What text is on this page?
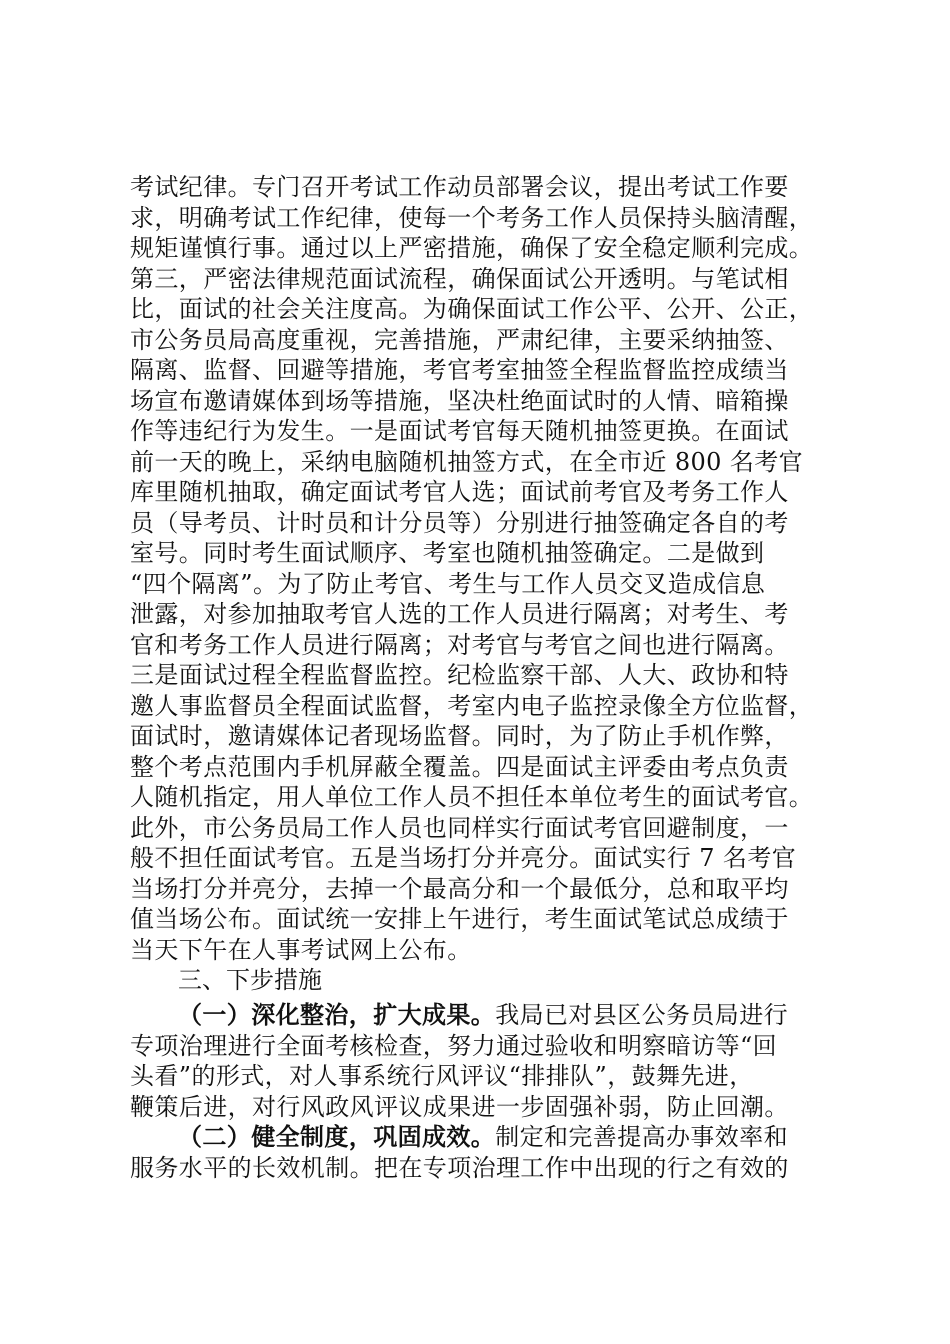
考试纪律。专门召开考试工作动员部署会议，提出考试工作要
求，明确考试工作纪律，使每一个考务工作人员保持头脑清醒，
规矩谨慎行事。通过以上严密措施，确保了安全稳定顺利完成。
第三，严密法律规范面试流程，确保面试公开透明。与笔试相
比，面试的社会关注度高。为确保面试工作公平、公开、公正，
市公务员局高度重视，完善措施，严肃纪律，主要采纳抽签、
隔离、监督、回避等措施，考官考室抽签全程监督监控成绩当
场宣布邀请媒体到场等措施，坚决杜绝面试时的人情、暗箱操
作等违纪行为发生。一是面试考官每天随机抽签更换。在面试
前一天的晚上，采纳电脑随机抽签方式，在全市近 800 名考官
库里随机抽取，确定面试考官人选；面试前考官及考务工作人
员（导考员、计时员和计分员等）分别进行抽签确定各自的考
室号。同时考生面试顺序、考室也随机抽签确定。二是做到
“四个隔离”。为了防止考官、考生与工作人员交叉造成信息
泄露，对参加抽取考官人选的工作人员进行隔离；对考生、考
官和考务工作人员进行隔离；对考官与考官之间也进行隔离。
三是面试过程全程监督监控。纪检监察干部、人大、政协和特
邀人事监督员全程面试监督，考室内电子监控录像全方位监督，
面试时，邀请媒体记者现场监督。同时，为了防止手机作弊，
整个考点范围内手机屏蔽全覆盖。四是面试主评委由考点负责
人随机指定，用人单位工作人员不担任本单位考生的面试考官。
此外，市公务员局工作人员也同样实行面试考官回避制度，一
般不担任面试考官。五是当场打分并亮分。面试实行 7 名考官
当场打分并亮分，去掉一个最高分和一个最低分，总和取平均
值当场公布。面试统一安排上午进行，考生面试笔试总成绩于
当天下午在人事考试网上公布。
三、下步措施
（一）深化整治，扩大成果。我局已对县区公务员局进行
专项治理进行全面考核检查，努力通过验收和明察暗访等“回
头看”的形式，对人事系统行风评议“排排队”，鼓舞先进，
鞭策后进，对行风政风评议成果进一步固强补弱，防止回潮。
（二）健全制度，巩固成效。制定和完善提高办事效率和
服务水平的长效机制。把在专项治理工作中出现的行之有效的
